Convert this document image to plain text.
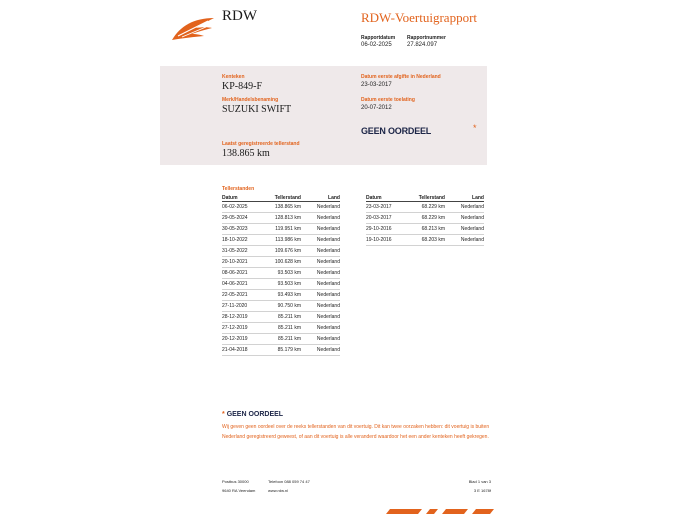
RDW	RDW-Voertuigrapport
Rapportdatum
06-02-2025
Rapportnummer
27.824.097
Kenteken
KP-849-F
Merk/Handelsbenaming
SUZUKI SWIFT
Laatst geregistreerde tellerstand
138.865 km
Datum eerste afgifte in Nederland
23-03-2017
Datum eerste toelating
20-07-2012
GEEN OORDEEL	*
Tellerstanden
Datum	Tellerstand	Land
06-02-2025	138.865 km	Nederland
29-05-2024	128.813 km	Nederland
30-05-2023	119.951 km	Nederland
18-10-2022	113.986 km	Nederland
31-05-2022	109.676 km	Nederland
20-10-2021	100.628 km	Nederland
08-06-2021	93.503 km	Nederland
04-06-2021	93.503 km	Nederland
22-05-2021	93.493 km	Nederland
27-11-2020	90.750 km	Nederland
28-12-2019	85.211 km	Nederland
27-12-2019	85.211 km	Nederland
20-12-2019	85.211 km	Nederland
21-04-2018	85.179 km	Nederland
Datum	Tellerstand	Land
23-03-2017	68.229 km	Nederland
20-03-2017	68.229 km	Nederland
29-10-2016	68.213 km	Nederland
19-10-2016	68.203 km	Nederland
* GEEN OORDEEL
Wij geven geen oordeel over de reeks tellerstanden van dit voertuig. Dit kan twee oorzaken hebben: dit voertuig is buiten Nederland geregistreerd geweest, of aan dit voertuig is alle veranderd waardoor het een ander kenteken heeft gekregen.
Postbus 30000
9640 RA Veendam
Telefoon 088 059 74 47
www.rdw.nl
Blad 1 van 3
3 E 1678f
